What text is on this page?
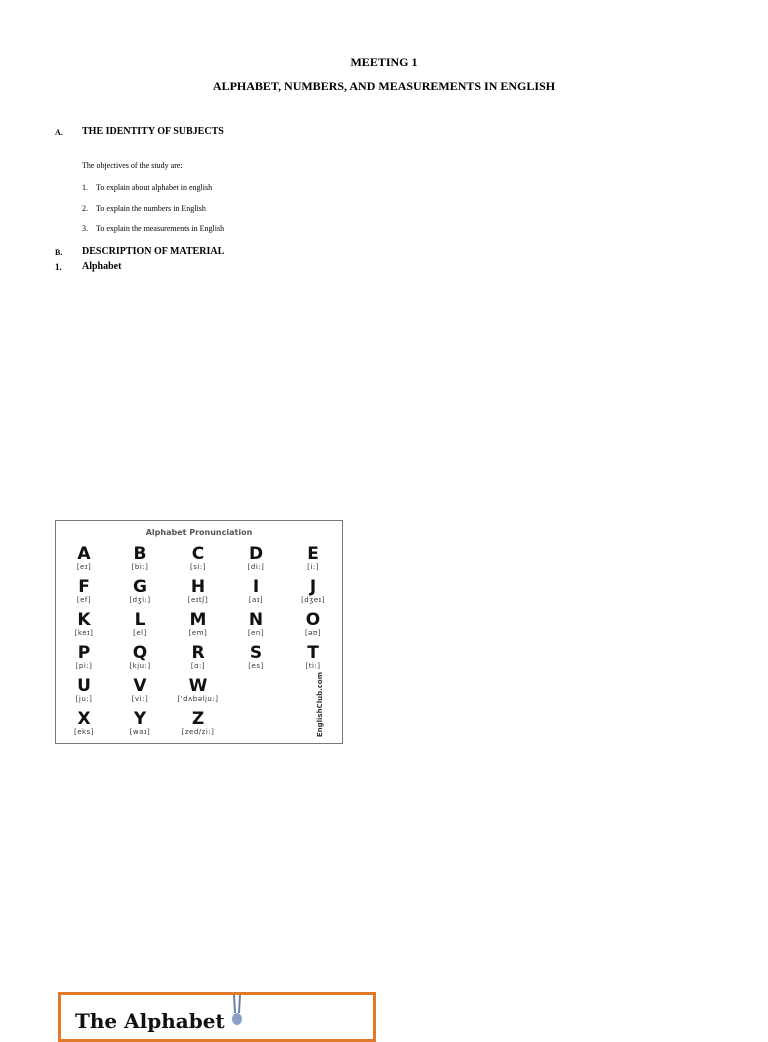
MEETING 1
ALPHABET, NUMBERS, AND MEASUREMENTS IN ENGLISH
A. THE IDENTITY OF SUBJECTS
The objectives of the study are:
1. To explain about alphabet in english
2. To explain the numbers in English
3. To explain the measurements in English
B. DESCRIPTION OF MATERIAL
1. Alphabet
Alphabet Pronunciation
EnglishClub.com
A
[eɪ]
B
[bi:]
C
[si:]
D
[di:]
E
[i:]
F
[ef]
G
[dʒi:]
H
[eɪtʃ]
I
[aɪ]
J
[dʒeɪ]
K
[keɪ]
L
[el]
M
[em]
N
[en]
O
[əʊ]
P
[pi:]
Q
[kju:]
R
[ɑ:]
S
[es]
T
[ti:]
U
[ju:]
V
[vi:]
W
['dʌbəlju:]
X
[eks]
Y
[waɪ]
Z
[zed/zi:]
The Alphabet
